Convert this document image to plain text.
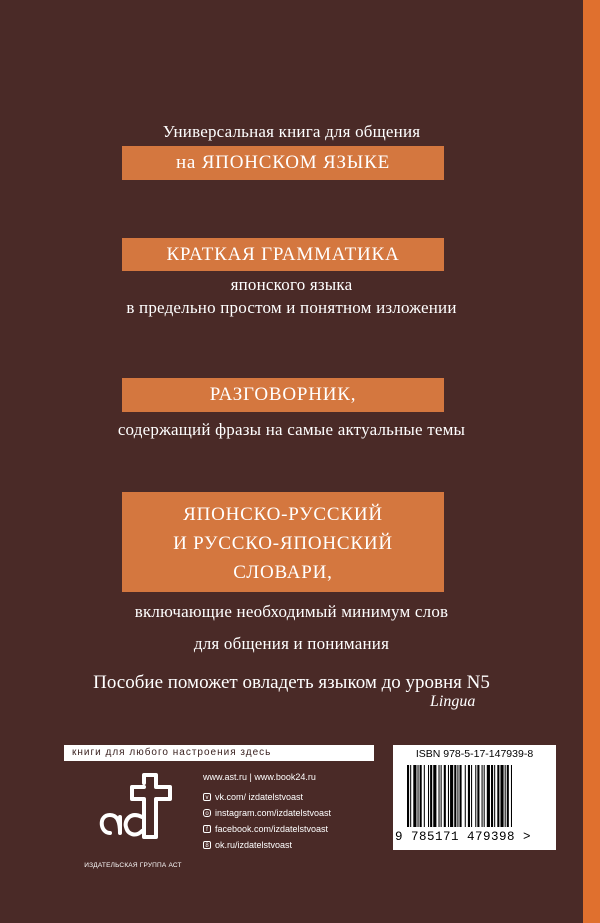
Универсальная книга для общения
на ЯПОНСКОМ ЯЗЫКЕ
КРАТКАЯ ГРАММАТИКА
японского языка
в предельно простом и понятном изложении
РАЗГОВОРНИК,
содержащий фразы на самые актуальные темы
ЯПОНСКО-РУССКИЙ
И РУССКО-ЯПОНСКИЙ
СЛОВАРИ,
включающие необходимый минимум слов
для общения и понимания
Пособие поможет овладеть языком до уровня N5
Lingua
книги для любого настроения здесь
ИЗДАТЕЛЬСКАЯ ГРУППА АСТ
www.ast.ru | www.book24.ru
v vk.com/ izdatelstvoast
o instagram.com/izdatelstvoast
f facebook.com/izdatelstvoast
8 ok.ru/izdatelstvoast
ISBN 978-5-17-147939-8
9 785171 479398 >
